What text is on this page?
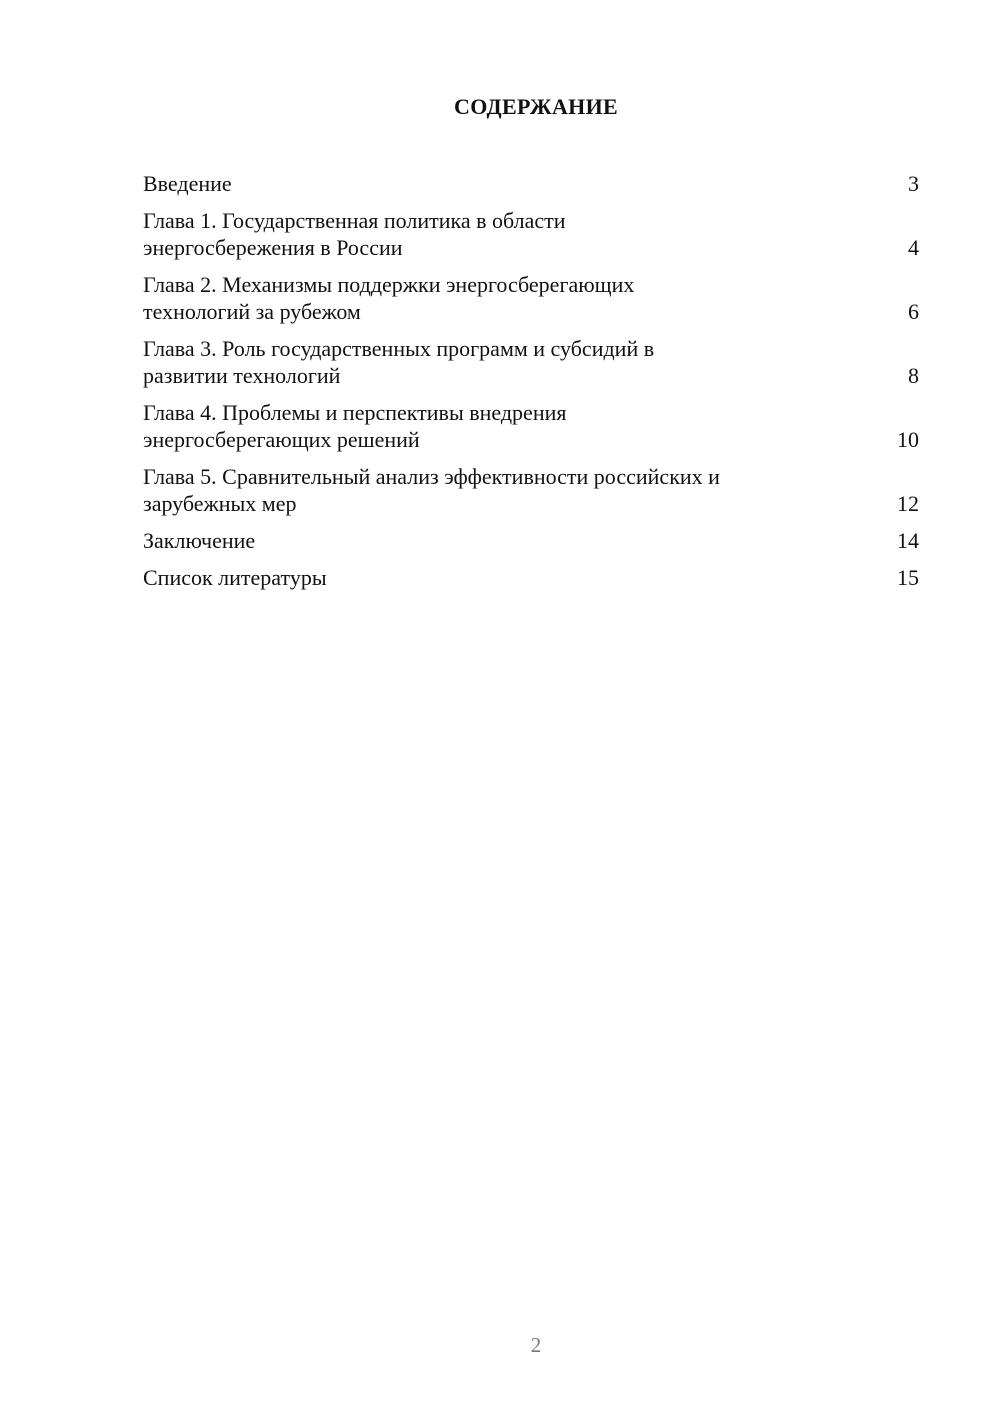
СОДЕРЖАНИЕ
Введение	3
Глава 1. Государственная политика в области
энергосбережения в России	4
Глава 2. Механизмы поддержки энергосберегающих
технологий за рубежом	6
Глава 3. Роль государственных программ и субсидий в
развитии технологий	8
Глава 4. Проблемы и перспективы внедрения
энергосберегающих решений	10
Глава 5. Сравнительный анализ эффективности российских и
зарубежных мер	12
Заключение	14
Список литературы	15
2
